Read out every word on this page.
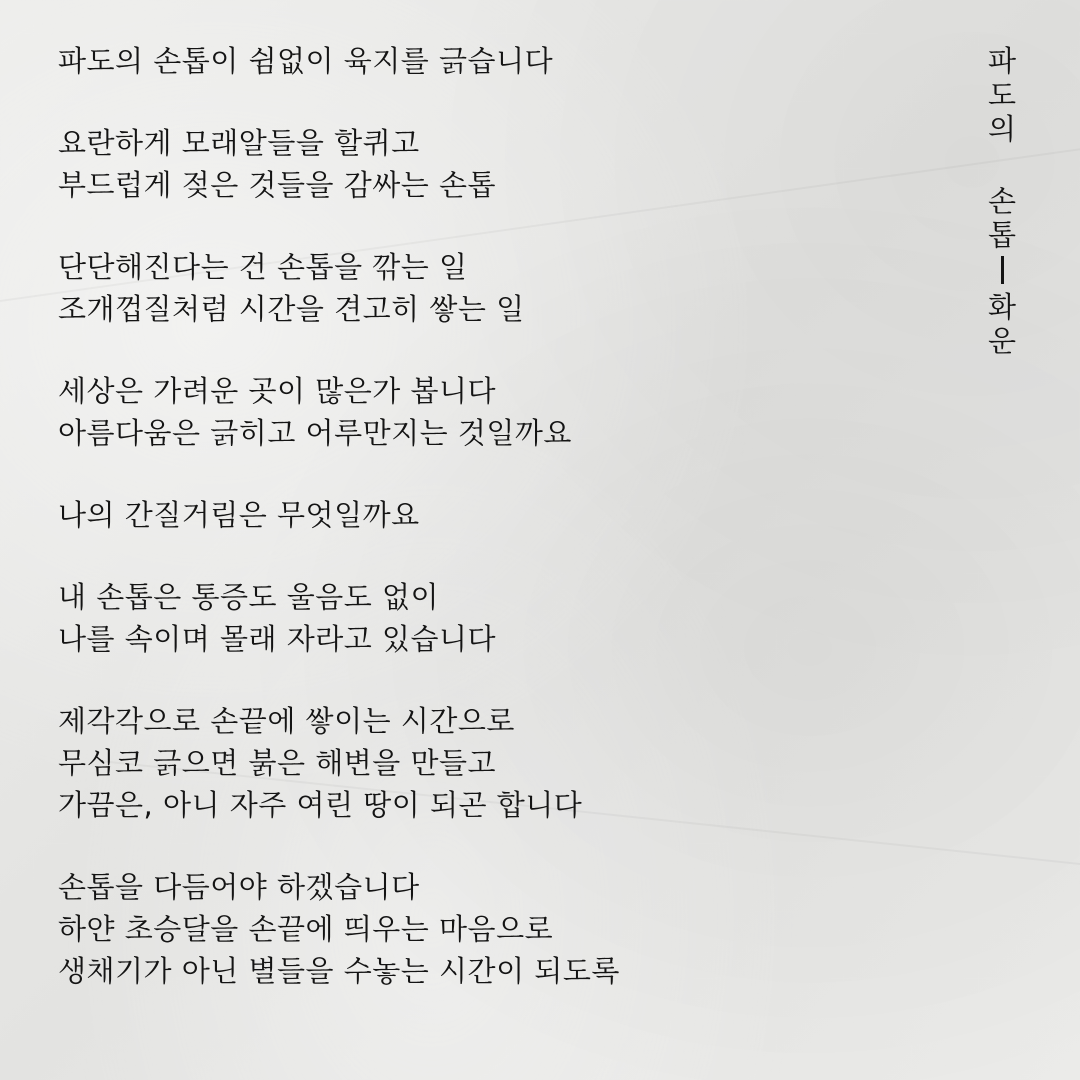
파도의 손톱이 쉼없이 육지를 긁습니다
요란하게 모래알들을 할퀴고
부드럽게 젖은 것들을 감싸는 손톱
단단해진다는 건 손톱을 깎는 일
조개껍질처럼 시간을 견고히 쌓는 일
세상은 가려운 곳이 많은가 봅니다
아름다움은 긁히고 어루만지는 것일까요
나의 간질거림은 무엇일까요
내 손톱은 통증도 울음도 없이
나를 속이며 몰래 자라고 있습니다
제각각으로 손끝에 쌓이는 시간으로
무심코 긁으면 붉은 해변을 만들고
가끔은, 아니 자주 여린 땅이 되곤 합니다
손톱을 다듬어야 하겠습니다
하얀 초승달을 손끝에 띄우는 마음으로
생채기가 아닌 별들을 수놓는 시간이 되도록
파
도
의
손
톱
화
운
